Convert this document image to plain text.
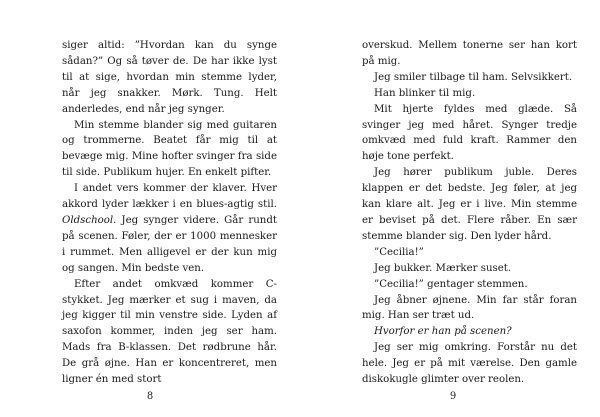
siger altid: ”Hvordan kan du synge sådan?” Og så tøver de. De har ikke lyst til at sige, hvordan min stemme lyder, når jeg snakker. Mørk. Tung. Helt anderledes, end når jeg synger.

Min stemme blander sig med guitaren og trommerne. Beatet får mig til at bevæge mig. Mine hofter svinger fra side til side. Publikum hujer. En enkelt pifter.

I andet vers kommer der klaver. Hver akkord lyder lækker i en blues-agtig stil. Oldschool. Jeg synger videre. Går rundt på scenen. Føler, der er 1000 mennesker i rummet. Men alligevel er der kun mig og sangen. Min bedste ven.

Efter andet omkvæd kommer C-stykket. Jeg mærker et sug i maven, da jeg kigger til min venstre side. Lyden af saxofon kommer, inden jeg ser ham. Mads fra B-klassen. Det rødbrune hår. De grå øjne. Han er koncentreret, men ligner én med stort

overskud. Mellem tonerne ser han kort på mig.

Jeg smiler tilbage til ham. Selvsikkert.

Han blinker til mig.

Mit hjerte fyldes med glæde. Så svinger jeg med håret. Synger tredje omkvæd med fuld kraft. Rammer den høje tone perfekt.

Jeg hører publikum juble. Deres klappen er det bedste. Jeg føler, at jeg kan klare alt. Jeg er i live. Min stemme er beviset på det. Flere råber. En sær stemme blander sig. Den lyder hård.

”Cecilia!”

Jeg bukker. Mærker suset.

”Cecilia!” gentager stemmen.

Jeg åbner øjnene. Min far står foran mig. Han ser træt ud.

Hvorfor er han på scenen?

Jeg ser mig omkring. Forstår nu det hele. Jeg er på mit værelse. Den gamle diskokugle glimter over reolen.

8	9
